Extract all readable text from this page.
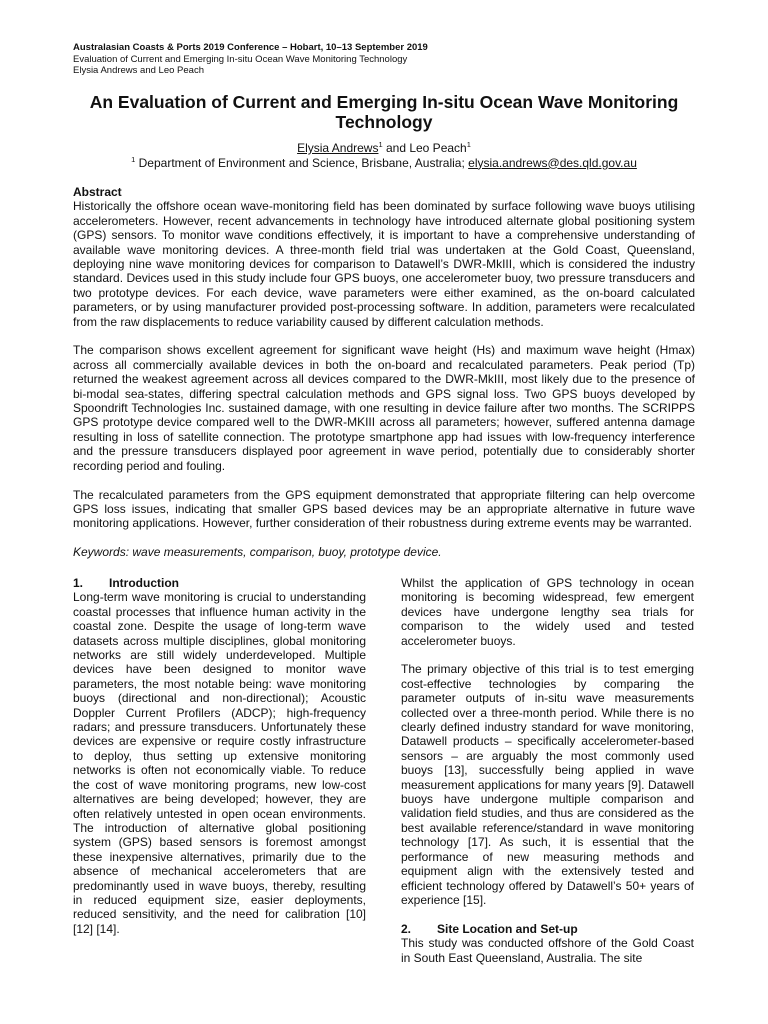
Australasian Coasts & Ports 2019 Conference – Hobart, 10–13 September 2019
Evaluation of Current and Emerging In-situ Ocean Wave Monitoring Technology
Elysia Andrews and Leo Peach
An Evaluation of Current and Emerging In-situ Ocean Wave Monitoring Technology
Elysia Andrews$^1$ and Leo Peach$^1$
$^1$ Department of Environment and Science, Brisbane, Australia; elysia.andrews@des.qld.gov.au
Abstract

Historically the offshore ocean wave-monitoring field has been dominated by surface following wave buoys utilising accelerometers. However, recent advancements in technology have introduced alternate global positioning system (GPS) sensors. To monitor wave conditions effectively, it is important to have a comprehensive understanding of available wave monitoring devices. A three-month field trial was undertaken at the Gold Coast, Queensland, deploying nine wave monitoring devices for comparison to Datawell’s DWR-MkIII, which is considered the industry standard. Devices used in this study include four GPS buoys, one accelerometer buoy, two pressure transducers and two prototype devices. For each device, wave parameters were either examined, as the on-board calculated parameters, or by using manufacturer provided post-processing software. In addition, parameters were recalculated from the raw displacements to reduce variability caused by different calculation methods.

The comparison shows excellent agreement for significant wave height (Hs) and maximum wave height (Hmax) across all commercially available devices in both the on-board and recalculated parameters. Peak period (Tp) returned the weakest agreement across all devices compared to the DWR-MkIII, most likely due to the presence of bi-modal sea-states, differing spectral calculation methods and GPS signal loss. Two GPS buoys developed by Spoondrift Technologies Inc. sustained damage, with one resulting in device failure after two months. The SCRIPPS GPS prototype device compared well to the DWR-MKIII across all parameters; however, suffered antenna damage resulting in loss of satellite connection. The prototype smartphone app had issues with low-frequency interference and the pressure transducers displayed poor agreement in wave period, potentially due to considerably shorter recording period and fouling.

The recalculated parameters from the GPS equipment demonstrated that appropriate filtering can help overcome GPS loss issues, indicating that smaller GPS based devices may be an appropriate alternative in future wave monitoring applications. However, further consideration of their robustness during extreme events may be warranted.

Keywords: wave measurements, comparison, buoy, prototype device.
1. Introduction

Long-term wave monitoring is crucial to understanding coastal processes that influence human activity in the coastal zone. Despite the usage of long-term wave datasets across multiple disciplines, global monitoring networks are still widely underdeveloped. Multiple devices have been designed to monitor wave parameters, the most notable being: wave monitoring buoys (directional and non-directional); Acoustic Doppler Current Profilers (ADCP); high-frequency radars; and pressure transducers. Unfortunately these devices are expensive or require costly infrastructure to deploy, thus setting up extensive monitoring networks is often not economically viable. To reduce the cost of wave monitoring programs, new low-cost alternatives are being developed; however, they are often relatively untested in open ocean environments. The introduction of alternative global positioning system (GPS) based sensors is foremost amongst these inexpensive alternatives, primarily due to the absence of mechanical accelerometers that are predominantly used in wave buoys, thereby, resulting in reduced equipment size, easier deployments, reduced sensitivity, and the need for calibration [10] [12] [14].

Whilst the application of GPS technology in ocean monitoring is becoming widespread, few emergent devices have undergone lengthy sea trials for comparison to the widely used and tested accelerometer buoys.

The primary objective of this trial is to test emerging cost-effective technologies by comparing the parameter outputs of in-situ wave measurements collected over a three-month period. While there is no clearly defined industry standard for wave monitoring, Datawell products – specifically accelerometer-based sensors – are arguably the most commonly used buoys [13], successfully being applied in wave measurement applications for many years [9]. Datawell buoys have undergone multiple comparison and validation field studies, and thus are considered as the best available reference/standard in wave monitoring technology [17]. As such, it is essential that the performance of new measuring methods and equipment align with the extensively tested and efficient technology offered by Datawell’s 50+ years of experience [15].

2. Site Location and Set-up

This study was conducted offshore of the Gold Coast in South East Queensland, Australia. The site
